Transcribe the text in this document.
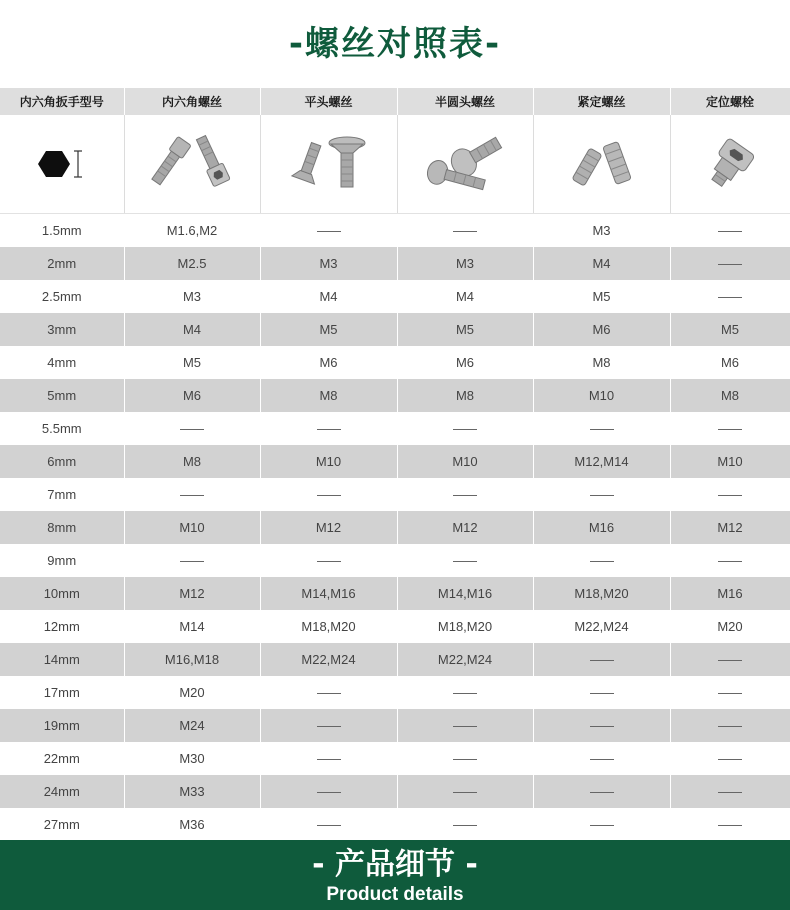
-螺丝对照表-
内六角扳手型号	内六角螺丝	平头螺丝	半圆头螺丝	紧定螺丝	定位螺栓

1.5mm	M1.6,M2			M3	
2mm	M2.5	M3	M3	M4	
2.5mm	M3	M4	M4	M5	
3mm	M4	M5	M5	M6	M5
4mm	M5	M6	M6	M8	M6
5mm	M6	M8	M8	M10	M8
5.5mm					
6mm	M8	M10	M10	M12,M14	M10
7mm					
8mm	M10	M12	M12	M16	M12
9mm					
10mm	M12	M14,M16	M14,M16	M18,M20	M16
12mm	M14	M18,M20	M18,M20	M22,M24	M20
14mm	M16,M18	M22,M24	M22,M24		
17mm	M20				
19mm	M24				
22mm	M30				
24mm	M33				
27mm	M36				
- 产品细节 -
Product details
